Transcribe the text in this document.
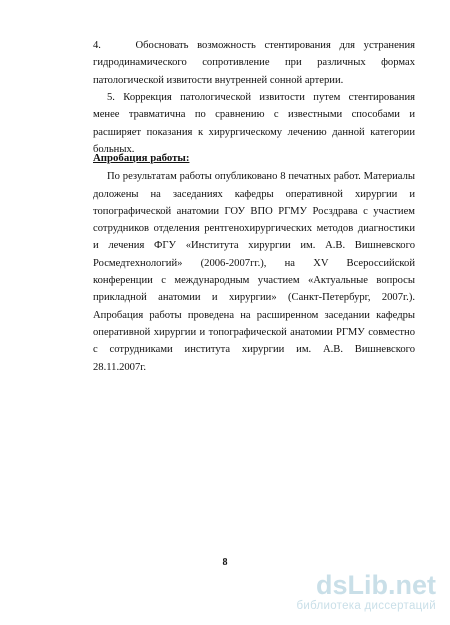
4.    Обосновать возможность стентирования для устранения гидродинамического сопротивление при различных формах патологической извитости внутренней сонной артерии.

5. Коррекция патологической извитости путем стентирования менее травматична по сравнению с известными способами и расширяет показания к хирургическому лечению данной категории больных.

Апробация работы:

По результатам работы опубликовано 8 печатных работ. Материалы доложены на заседаниях кафедры оперативной хирургии и топографической анатомии ГОУ ВПО РГМУ Росздрава с участием сотрудников отделения рентгенохирургических методов диагностики и лечения ФГУ «Института хирургии им. А.В. Вишневского Росмедтехнологий» (2006-2007гг.), на XV Всероссийской конференции с международным участием «Актуальные вопросы прикладной анатомии и хирургии» (Санкт-Петербург, 2007г.). Апробация работы проведена на расширенном заседании кафедры оперативной хирургии и топографической анатомии РГМУ совместно с сотрудниками института хирургии им. А.В. Вишневского 28.11.2007г.

8
dsLib.net
библиотека диссертаций
